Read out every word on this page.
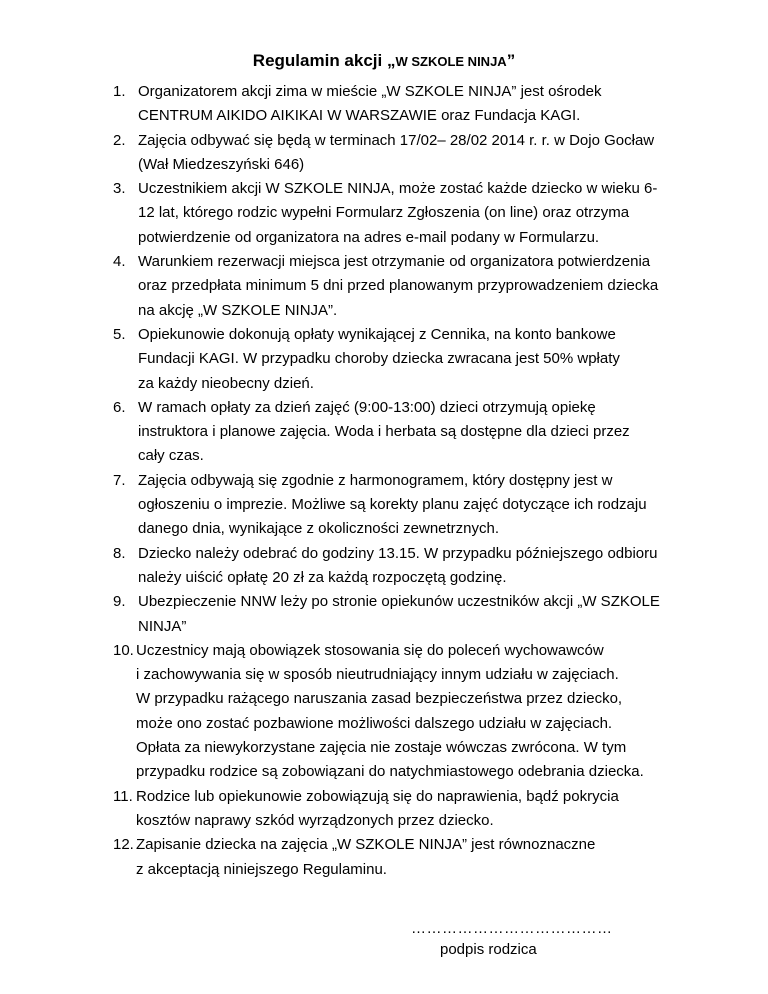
Regulamin akcji „W SZKOLE NINJA”
1. Organizatorem akcji zima w mieście „W SZKOLE NINJA” jest ośrodek
CENTRUM AIKIDO AIKIKAI W WARSZAWIE oraz Fundacja KAGI.
2. Zajęcia odbywać się będą w terminach 17/02– 28/02 2014 r. r. w Dojo Gocław
(Wał Miedzeszyński 646)
3. Uczestnikiem akcji W SZKOLE NINJA, może zostać każde dziecko w wieku 6-
12 lat, którego rodzic wypełni Formularz Zgłoszenia (on line) oraz otrzyma
potwierdzenie od organizatora na adres e-mail podany w Formularzu.
4. Warunkiem rezerwacji miejsca jest otrzymanie od organizatora potwierdzenia
oraz przedpłata minimum 5 dni przed planowanym przyprowadzeniem dziecka
na akcję „W SZKOLE NINJA”.
5. Opiekunowie dokonują opłaty wynikającej z Cennika, na konto bankowe
Fundacji KAGI. W przypadku choroby dziecka zwracana jest 50% wpłaty
za każdy nieobecny dzień.
6. W ramach opłaty za dzień zajęć (9:00-13:00) dzieci otrzymują opiekę
instruktora i planowe zajęcia. Woda i herbata są dostępne dla dzieci przez
cały czas.
7. Zajęcia odbywają się zgodnie z harmonogramem, który dostępny jest w
ogłoszeniu o imprezie. Możliwe są korekty planu zajęć dotyczące ich rodzaju
danego dnia, wynikające z okoliczności zewnetrznych.
8. Dziecko należy odebrać do godziny 13.15. W przypadku późniejszego odbioru
należy uiścić opłatę 20 zł za każdą rozpoczętą godzinę.
9. Ubezpieczenie NNW leży po stronie opiekunów uczestników akcji „W SZKOLE
NINJA”
10. Uczestnicy mają obowiązek stosowania się do poleceń wychowawców
i zachowywania się w sposób nieutrudniający innym udziału w zajęciach.
W przypadku rażącego naruszania zasad bezpieczeństwa przez dziecko,
może ono zostać pozbawione możliwości dalszego udziału w zajęciach.
Opłata za niewykorzystane zajęcia nie zostaje wówczas zwrócona. W tym
przypadku rodzice są zobowiązani do natychmiastowego odebrania dziecka.
11. Rodzice lub opiekunowie zobowiązują się do naprawienia, bądź pokrycia
kosztów naprawy szkód wyrządzonych przez dziecko.
12. Zapisanie dziecka na zajęcia „W SZKOLE NINJA” jest równoznaczne
z akceptacją niniejszego Regulaminu.
…………………………………
podpis rodzica
